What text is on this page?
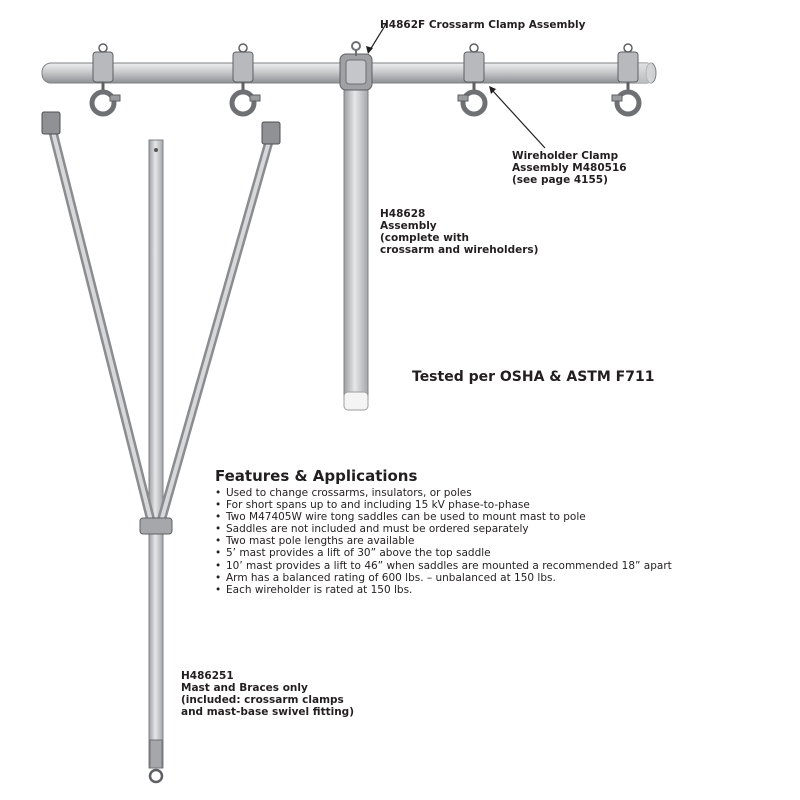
H4862F Crossarm Clamp Assembly
Wireholder Clamp
Assembly M480516
(see page 4155)
H48628
Assembly
(complete with
crossarm and wireholders)
Tested per OSHA & ASTM F711
Features & Applications
• Used to change crossarms, insulators, or poles
• For short spans up to and including 15 kV phase-to-phase
• Two M47405W wire tong saddles can be used to mount mast to pole
• Saddles are not included and must be ordered separately
• Two mast pole lengths are available
• 5’ mast provides a lift of 30” above the top saddle
• 10’ mast provides a lift to 46” when saddles are mounted a recommended 18” apart
• Arm has a balanced rating of 600 lbs. – unbalanced at 150 lbs.
• Each wireholder is rated at 150 lbs.
H486251
Mast and Braces only
(included: crossarm clamps
and mast-base swivel fitting)
